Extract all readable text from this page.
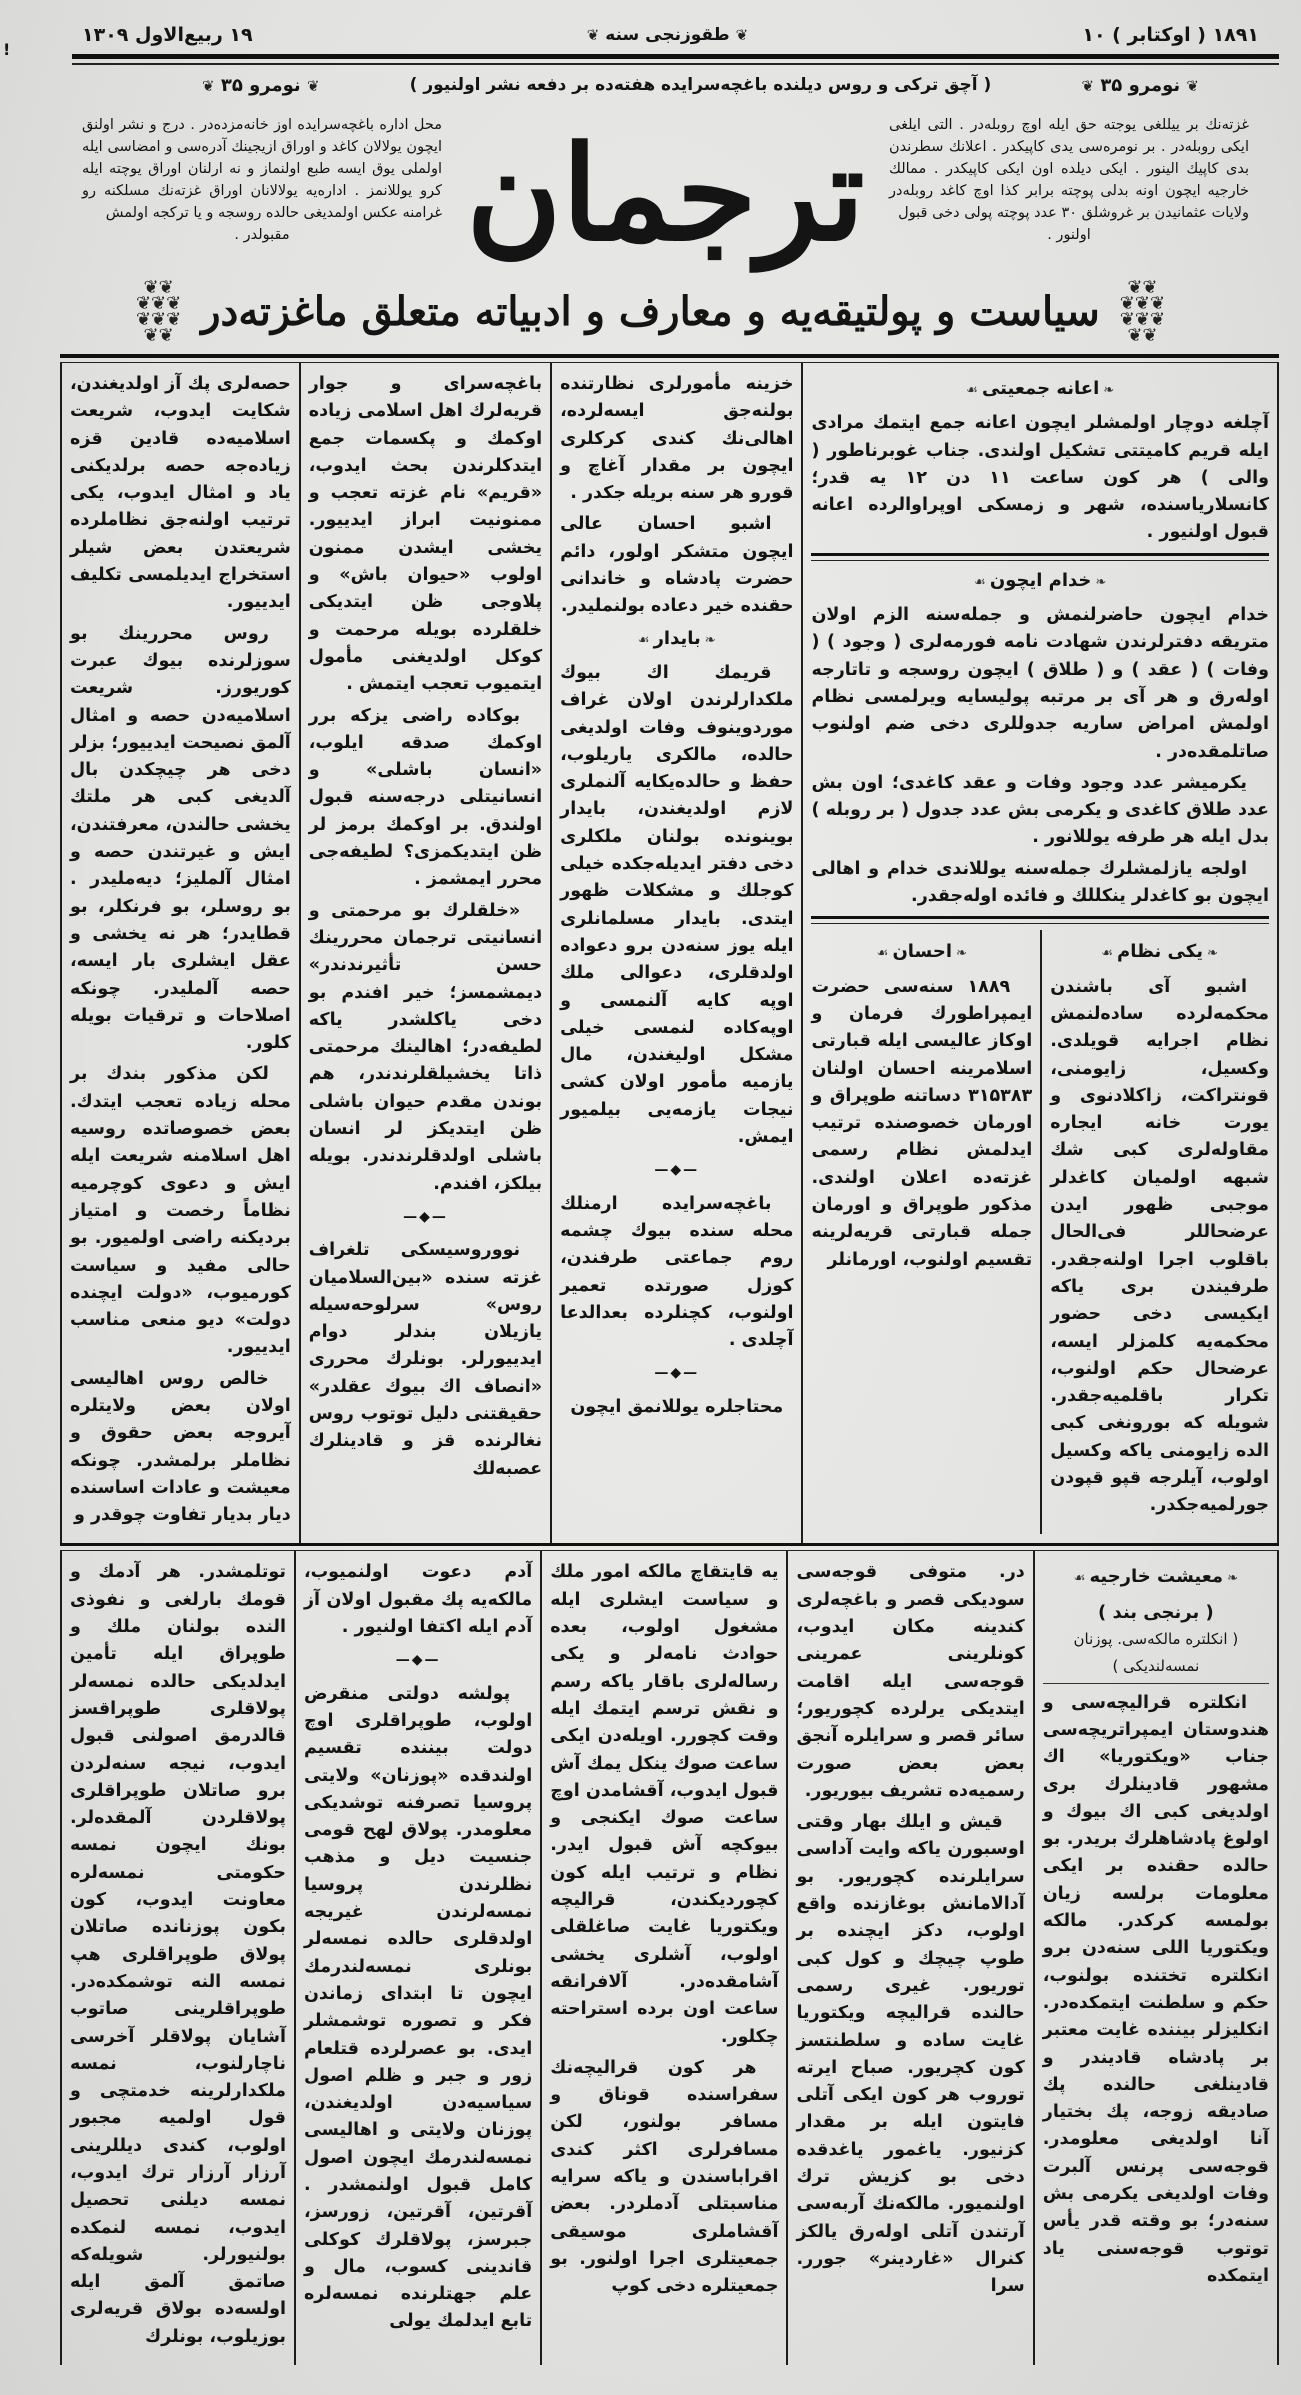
!
۱۸۹۱ ( اوکتابر ) ۱۰
❦ طقوزنجی سنه ❦
۱۹ ربیع‌الاول ۱۳۰۹
❦ نومرو ۳۵ ❦
( آچق ترکی و روس دیلنده باغچه‌سرایده هفته‌ده بر دفعه نشر اولنیور )
❦ نومرو ۳۵ ❦

غزته‌نك بر ییللغی یوجته حق ایله اوچ روبله‌در . التی ایلغی ایکی روبله‌در . بر نومره‌سی یدی کاپیکدر . اعلانك سطرندن بدی کاپیك الینور . ایکی دیلده اون ایکی کاپیکدر . ممالك خارجیه ایچون اونه بدلی پوچته برابر کذا اوچ کاغد روبله‌در ولایات عثمانیدن بر غروشلق ۳۰ عدد پوچته پولی دخی قبول

اولنور .

ترجمان

محل اداره باغچه‌سرایده اوز خانه‌مزده‌در . درج و نشر اولنق ایچون یولالان کاغد و اوراق ازیجینك آدره‌سی و امضاسی ایله اولملی یوق ایسه طبع اولنماز و نه ارلنان اوراق یوچته ایله کرو یوللانمز . اداره‌یه یولالانان اوراق غزته‌نك مسلكنه رو غرامنه عکس اولمدیغی حالده روسجه و یا ترکجه اولمش

مقبولدر .

❦❦
❦❦❦
❦❦❦
❦❦
سیاست و پولتیقه‌یه و معارف و ادبیاته متعلق ماغزته‌در
❦❦
❦❦❦
❦❦❦
❦❦
❧ اعانه جمعیتی ☙

آچلغه دوچار اولمشلر ایچون اعانه جمع ایتمك مرادی ایله قریم کامیتتی تشکیل اولندی. جناب غوبرناطور ( والی ) هر کون ساعت ۱۱ دن ۱۲ یه قدر؛ کانسلاریاسنده، شهر و زمسکی اوپراوالرده اعانه قبول اولنیور .

❧ خدام ایچون ☙

خدام ایچون حاضرلنمش و جمله‌سنه الزم اولان متریقه دفترلرندن شهادت نامه فورمه‌لری ( وجود ) ( وفات ) ( عقد ) و ( طلاق ) ایچون روسجه و تاتارجه اوله‌رق و هر آی بر مرتبه پولیسایه ویرلمسی نظام اولمش امراض ساریه جدوللری دخی ضم اولنوب صاتلمقده‌در .

یکرمیشر عدد وجود وفات و عقد کاغدی؛ اون بش عدد طلاق کاغدی و یکرمی بش عدد جدول ( بر روبله ) بدل ایله هر طرفه یوللانور .

اولجه یازلمشلرك جمله‌سنه یوللاندی خدام و اهالی ایچون بو کاغدلر ینکللك و فائده اوله‌جقدر.

❧ یکی نظام ☙

اشبو آی باشندن محکمه‌لرده ساده‌لنمش نظام اجرایه قویلدی. وکسیل، زایومنی، قونتراکت، زاکلادنوی و یورت خانه ایجاره مقاوله‌لری کبی شك شبهه اولمیان کاغدلر موجبی ظهور ایدن عرضحاللر فی‌الحال باقلوب اجرا اولنه‌جقدر. طرفیندن بری یاکه ایکیسی دخی حضور محکمه‌یه کلمزلر ایسه، عرضحال حکم اولنوب، تکرار باقلمیه‌جقدر. شویله که بورونغی کبی الده زایومنی یاکه وکسیل اولوب، آیلرجه قپو قپودن جورلمیه‌جکدر.

❧ احسان ☙

۱۸۸۹ سنه‌سی حضرت ایمپراطورك فرمان و اوکاز عالیسی ایله قبارتی اسلامرینه احسان اولنان ۳۱۵۳۸۳ دساتنه طوپراق و اورمان خصوصنده ترتیب ایدلمش نظام رسمی غزته‌ده اعلان اولندی. مذکور طوپراق و اورمان جمله قبارتی قریه‌لرینه تقسیم اولنوب، اورمانلر

خزینه مأمورلری نظارتنده بولنه‌جق ایسه‌لرده، اهالی‌نك کندی کرکلری ایچون بر مقدار آغاچ و قورو هر سنه بریله جکدر .

اشبو احسان عالی ایچون متشکر اولور، دائم حضرت پادشاه و خاندانی حقنده خیر دعاده بولنملیدر.

❧ بایدار ☙

قریمك اك بیوك ملکدارلرندن اولان غراف موردوینوف وفات اولدیغی حالده، مالکری یاریلوب، حفظ و حالده‌یکایه آلنملری لازم اولدیغندن، بایدار بوینونده بولنان ملکلری دخی دفتر ایدیله‌جکده خیلی کوجلك و مشکلات ظهور ایتدی. بایدار مسلمانلری ایله یوز سنه‌دن برو دعواده اولدقلری، دعوالی ملك اوپه‌ کایه آلنمسی و اوپه‌کاده لنمسی خیلی مشکل اولیغندن، مال یازمیه مأمور اولان کشی نیجات یازمه‌یی بیلمیور ایمش.

—◆—

باغچه‌سرایده ارمنلك محله سنده بیوك چشمه روم جماعتی طرفندن، کوزل صورتده تعمیر اولنوب، کچنلرده بعدالدعا آچلدی .

—◆—

محتاجلره یوللانمق ایچون

باغچه‌سرای و جوار قریه‌لرك اهل اسلامی زیاده اوکمك و پکسمات جمع ایتدکلرندن بحث ایدوب، «قریم» نام غزته تعجب و ممنونیت ابراز ایدییور. یخشی ایشدن ممنون اولوب «حیوان باش» و پلاوجی ظن ایتدیکی خلقلرده بویله مرحمت و کوکل اولدیغنی مأمول ایتمیوب تعجب ایتمش .

بوکاده راضی یزکه برر اوکمك صدقه ایلوب، «انسان باشلی» و انسانیتلی درجه‌سنه قبول اولندق. بر اوکمك برمز لر ظن ایتدیکمزی؟ لطیفه‌جی محرر ایمشمز .

«خلقلرك بو مرحمتی و انسانیتی ترجمان محررینك حسن تأثیرندندر» دیمشمسز؛ خیر افندم بو دخی یاکلشدر یاکه لطیفه‌در؛ اهالینك مرحمتی ذاتا یخشیلقلرندندر، هم بوندن مقدم حیوان باشلی ظن ایتدیکز لر انسان باشلی اولدقلرندندر. بویله بیلکز، افندم.

—◆—

نووروسیسکی تلغراف غزته سنده «بین‌السلامیان روس» سرلوحه‌سیله یازیلان بندلر دوام ایدییورلر. بونلرك محرری «انصاف اك بیوك عقلدر» حقیقتنی دلیل توتوب روس نغالرنده قز و قادینلرك عصبه‌لك

حصه‌لری پك آز اولدیغندن، شکایت ایدوب، شریعت اسلامیه‌ده قادین قزه زیاده‌جه حصه برلدیکنی یاد و امثال ایدوب، یکی ترتیب اولنه‌جق نظاملرده شریعتدن بعض شیلر استخراج ایدیلمسی تکلیف ایدییور.

روس محررینك بو سوزلرنده بیوك عبرت کوریورز. شریعت اسلامیه‌دن حصه و امثال آلمق نصیحت ایدییور؛ بزلر دخی هر چیچکدن بال آلدیغی کبی هر ملتك یخشی حالندن، معرفتندن، ایش و غیرتندن حصه و امثال آلملیز؛ دیه‌ملیدر . بو روسلر، بو فرنکلر، بو قطایدر؛ هر نه یخشی و عقل ایشلری بار ایسه، حصه آلملیدر. چونکه اصلاحات و ترقیات بویله کلور.

لکن مذکور بندك بر محله زیاده تعجب ایتدك. بعض خصوصاتده روسیه اهل اسلامنه شریعت ایله ایش و دعوی کوچرمیه نظاماً رخصت و امتیاز بردیکنه راضی اولمیور. بو حالی مفید و سیاست کورمیوب، «دولت ایچنده دولت» دیو منعی مناسب ایدییور.

خالص روس اهالیسی اولان بعض ولایتلره آیروجه بعض حقوق و نظاملر برلمشدر. چونکه معیشت و عادات اساسنده دیار بدیار تفاوت چوقدر و

❧ معیشت خارجیه ☙
( برنجی بند )
( انکلتره مالکه‌سی. پوزنان نمسه‌لندیکی )

انکلتره قرالیچه‌سی و هندوستان ایمپراتریچه‌سی جناب «ویکتوریا» اك مشهور قادینلرك بری اولدیغی کبی اك بیوك و اولوغ پادشاهلرك بریدر. بو حالده حقنده بر ایکی معلومات برلسه زیان بولمسه کرکدر. مالکه ویکتوریا اللی سنه‌دن برو انکلتره تختنده بولنوب، حکم و سلطنت ایتمکده‌در. انکلیزلر بیننده غایت معتبر بر پادشاه قادیندر و قادینلغی حالنده پك صادیقه زوجه، پك بختیار آنا اولدیغی معلومدر. قوجه‌سی پرنس آلبرت وفات اولدیغی یکرمی بش سنه‌در؛ بو وقته قدر یأس توتوب قوجه‌سنی یاد ایتمکده

در. متوفی قوجه‌سی سودیکی قصر و باغچه‌لری کندینه مکان ایدوب، کونلرینی عمرینی قوجه‌سی ایله اقامت ایتدیکی یرلرده کچوریور؛ سائر قصر و سرایلره آنجق بعض بعض صورت رسمیه‌ده تشریف بیوریور.

قیش و ایلك بهار وقتی اوسبورن یاکه وایت آداسی سرایلرنده کچوریور. بو آدالامانش بوغازنده واقع اولوب، دکز ایچنده بر طوپ چیچك و کول کبی توریور. غیری رسمی حالنده قرالیچه ویکتوریا غایت ساده و سلطنتسز کون کچریور. صباح ایرته توروب هر کون ایکی آتلی فایتون ایله بر مقدار کزنیور. یاغمور یاغدقده دخی بو کزیش ترك اولنمیور. مالکه‌نك آربه‌سی آرتندن آتلی اوله‌رق یالکز کنرال «غاردینر» جورر. سرا

یه قایتقاچ مالکه امور ملك و سیاست ایشلری ایله مشغول اولوب، بعده حوادث نامه‌لر و یکی رساله‌لری باقار یاکه رسم و نقش ترسم ایتمك ایله وقت کچورر. اویله‌دن ایکی ساعت صوك ینکل یمك آش قبول ایدوب، آقشامدن اوچ ساعت صوك ایکنجی و بیوکچه آش قبول ایدر. نظام و ترتیب ایله کون کچوردیکندن، قرالیچه ویکتوریا غایت صاغلقلی اولوب، آشلری یخشی آشامقده‌در. آلافرانقه ساعت اون برده استراحته چکلور.

هر کون قرالیچه‌نك سفراسنده قوناق و مسافر بولنور، لکن مسافرلری اکثر کندی اقراباسندن و یاکه سرایه مناسبتلی آدملردر. بعض آقشاملری موسیقی جمعیتلری اجرا اولنور. بو جمعیتلره دخی کوپ

آدم دعوت اولنمیوب، مالکه‌یه پك مقبول اولان آز آدم ایله اکتفا اولنیور .

—◆—

پولشه دولتی منقرض اولوب، طوپراقلری اوچ دولت بیننده تقسیم اولندقده «پوزنان» ولایتی پروسیا تصرفنه توشدیکی معلومدر. پولاق لهح قومی جنسیت دیل و مذهب نظلرندن پروسیا نمسه‌لرندن غیریجه اولدقلری حالده نمسه‌لر بونلری نمسه‌لندرمك ایچون تا ابتدای زماندن فکر و تصوره توشمشلر ایدی. بو عصرلرده قتلعام زور و جبر و ظلم اصول سیاسیه‌دن اولدیغندن، پوزنان ولایتی و اهالیسی نمسه‌لندرمك ایچون اصول کامل قبول اولنمشدر . آقرتین، آقرتین، زورسز، جبرسز، پولاقلرك کوکلی قاندینی کسوب، مال و علم جهتلرنده نمسه‌لره تابع ایدلمك یولی

توتلمشدر. هر آدمك و قومك بارلغی و نفوذی النده بولنان ملك و طوپراق ایله تأمین ایدلدیکی حالده نمسه‌لر پولاقلری طوپراقسز قالدرمق اصولنی قبول ایدوب، نیجه سنه‌لردن برو صاتلان طوپراقلری پولاقلردن آلمقده‌لر. بونك ایچون نمسه حکومتی نمسه‌لره معاونت ایدوب، کون بکون پوزنانده صاتلان پولاق طوپراقلری هپ نمسه النه توشمکده‌در. طوپراقلرینی صاتوب آشایان پولاقلر آخرسی ناچارلنوب، نمسه ملکدارلرینه خدمتچی و قول اولمیه مجبور اولوب، کندی دیللرینی آرزار آرزار ترك ایدوب، نمسه دیلنی تحصیل ایدوب، نمسه لنمکده بولنیورلر. شویله‌که صاتمق آلمق ایله اولسه‌ده بولاق قریه‌لری بوزیلوب، بونلرك
